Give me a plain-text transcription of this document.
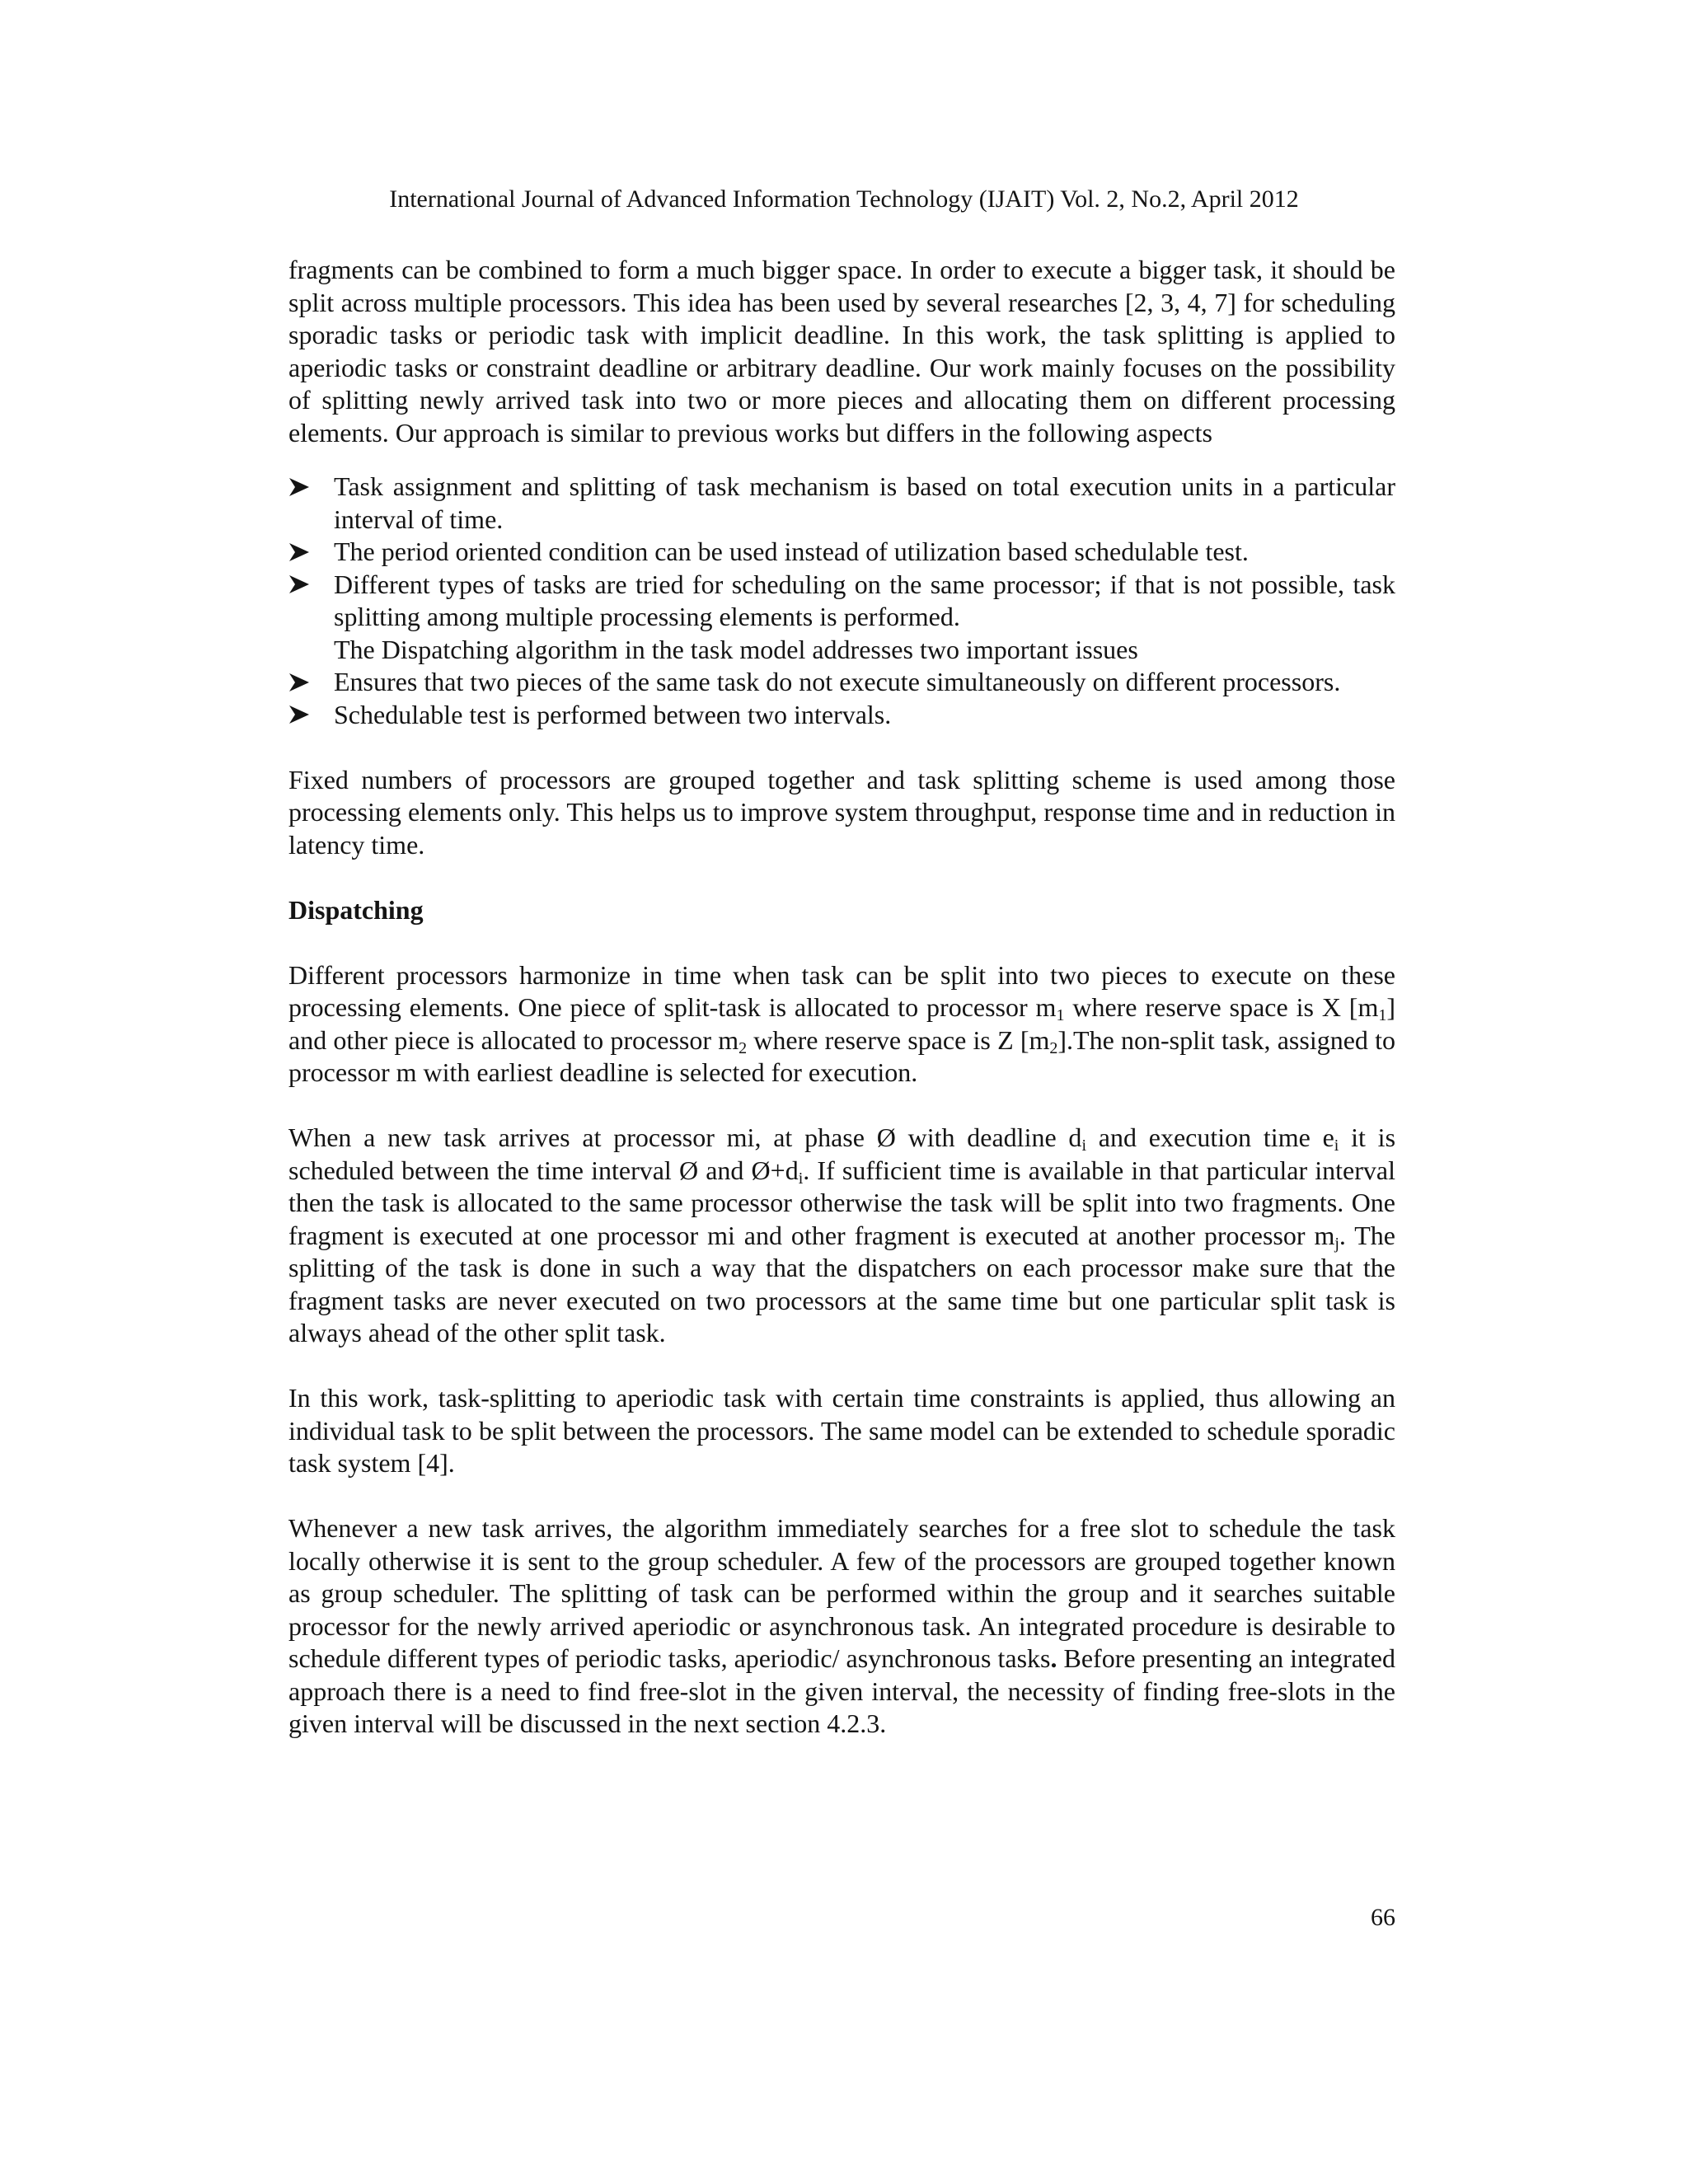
International Journal of Advanced Information Technology (IJAIT) Vol. 2, No.2, April 2012

fragments can be combined to form a much bigger space. In order to execute a bigger task, it should be split across multiple processors. This idea has been used by several researches [2, 3, 4, 7] for scheduling sporadic tasks or periodic task with implicit deadline. In this work, the task splitting is applied to aperiodic tasks or constraint deadline or arbitrary deadline. Our work mainly focuses on the possibility of splitting newly arrived task into two or more pieces and allocating them on different processing elements. Our approach is similar to previous works but differs in the following aspects

Task assignment and splitting of task mechanism is based on total execution units in a particular interval of time.
The period oriented condition can be used instead of utilization based schedulable test.
Different types of tasks are tried for scheduling on the same processor; if that is not possible, task splitting among multiple processing elements is performed.
The Dispatching algorithm in the task model addresses two important issues
Ensures that two pieces of the same task do not execute simultaneously on different processors.
Schedulable test is performed between two intervals.

Fixed numbers of processors are grouped together and task splitting scheme is used among those processing elements only. This helps us to improve system throughput, response time and in reduction in latency time.

Dispatching

Different processors harmonize in time when task can be split into two pieces to execute on these processing elements. One piece of split-task is allocated to processor $m_1$ where reserve space is X $[m_1]$ and other piece is allocated to processor $m_2$ where reserve space is Z $[m_2].The$ non-split task, assigned to processor m with earliest deadline is selected for execution.

When a new task arrives at processor mi, at phase Ø with deadline $d_i$ and execution time $e_i$ it is scheduled between the time interval Ø and $Ø+d_i$. If sufficient time is available in that particular interval then the task is allocated to the same processor otherwise the task will be split into two fragments. One fragment is executed at one processor mi and other fragment is executed at another processor $m_j$. The splitting of the task is done in such a way that the dispatchers on each processor make sure that the fragment tasks are never executed on two processors at the same time but one particular split task is always ahead of the other split task.

In this work, task-splitting to aperiodic task with certain time constraints is applied, thus allowing an individual task to be split between the processors. The same model can be extended to schedule sporadic task system [4].

Whenever a new task arrives, the algorithm immediately searches for a free slot to schedule the task locally otherwise it is sent to the group scheduler. A few of the processors are grouped together known as group scheduler. The splitting of task can be performed within the group and it searches suitable processor for the newly arrived aperiodic or asynchronous task. An integrated procedure is desirable to schedule different types of periodic tasks, aperiodic/ asynchronous tasks. Before presenting an integrated approach there is a need to find free-slot in the given interval, the necessity of finding free-slots in the given interval will be discussed in the next section 4.2.3.

66
